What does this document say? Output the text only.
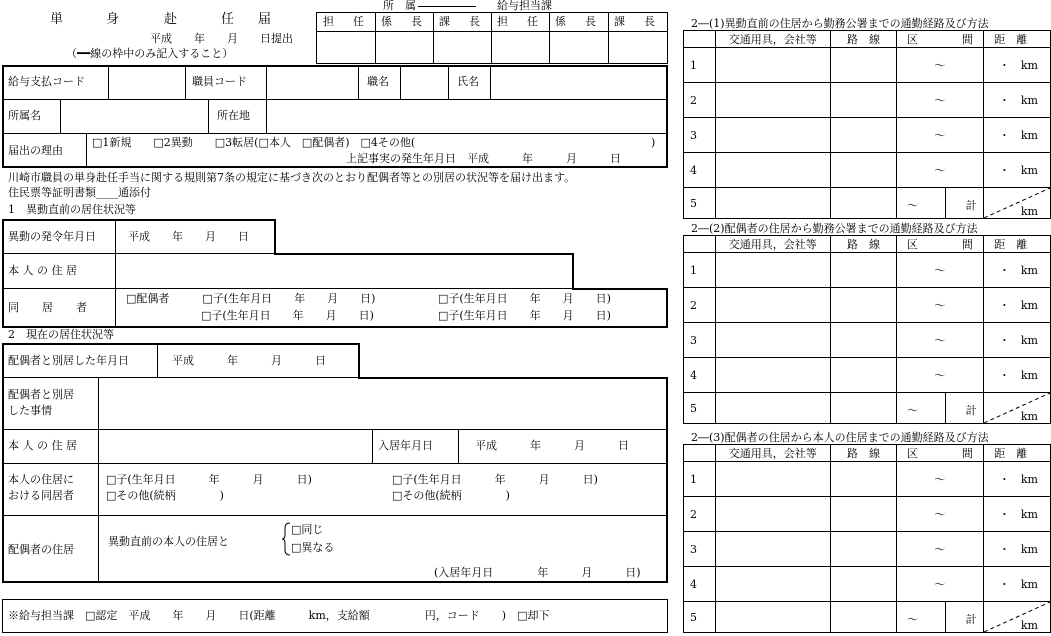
単	身	赴	任 届
平成　　年　　月　　日提出
（━━線の枠中のみ記入すること）
所　属	給与担当課
担　任 係　長 課　長 担　任 係　長 課　長
給与支払コード	職員コード	職名	氏名
所属名	所在地
届出の理由
□1新規　　□2異動　　□3転居(□本人　□配偶者)　□4その他(	)
上記事実の発生年月日　平成　　　年　　　月　　　日
川崎市職員の単身赴任手当に関する規則第7条の規定に基づき次のとおり配偶者等との別居の状況等を届け出ます。
住民票等証明書類____通添付
1　異動直前の居住状況等
異動の発令年月日	平成　　年　　月　　日
本 人 の 住 居
同　居　者
□配偶者　　　□子(生年月日　　年　　月　　日)	□子(生年月日　　年　　月　　日)
□子(生年月日　　年　　月　　日)	□子(生年月日　　年　　月　　日)
2　現在の居住状況等
配偶者と別居した年月日	平成　　　年　　　月　　　日
配偶者と別居
した事情
本 人 の 住 居	入居年月日	平成　　　年　　　月　　　日
本人の住居に
おける同居者
□子(生年月日　　　年　　　月　　　日)	□子(生年月日　　　年　　　月　　　日)
□その他(続柄　　　　)	□その他(続柄　　　　)
配偶者の住居
異動直前の本人の住居と
□同じ
□異なる
(入居年月日　　　　年　　　月　　　日)
※給与担当課　□認定　平成　　年　　月　　日(距離　　　km，支給額　　　　　円，コード　　)　□却下
2―(1)異動直前の住居から勤務公署までの通勤経路及び方法
	交通用具，会社等	路　線	区　　　　間	距　離
1			～	・　km
2			～	・　km
3			～	・　km
4			～	・　km
5			～ 計	km
2―(2)配偶者の住居から勤務公署までの通勤経路及び方法
	交通用具，会社等	路　線	区　　　　間	距　離
1			～	・　km
2			～	・　km
3			～	・　km
4			～	・　km
5			～ 計	km
2―(3)配偶者の住居から本人の住居までの通勤経路及び方法
	交通用具，会社等	路　線	区　　　　間	距　離
1			～	・　km
2			～	・　km
3			～	・　km
4			～	・　km
5			～ 計	km
